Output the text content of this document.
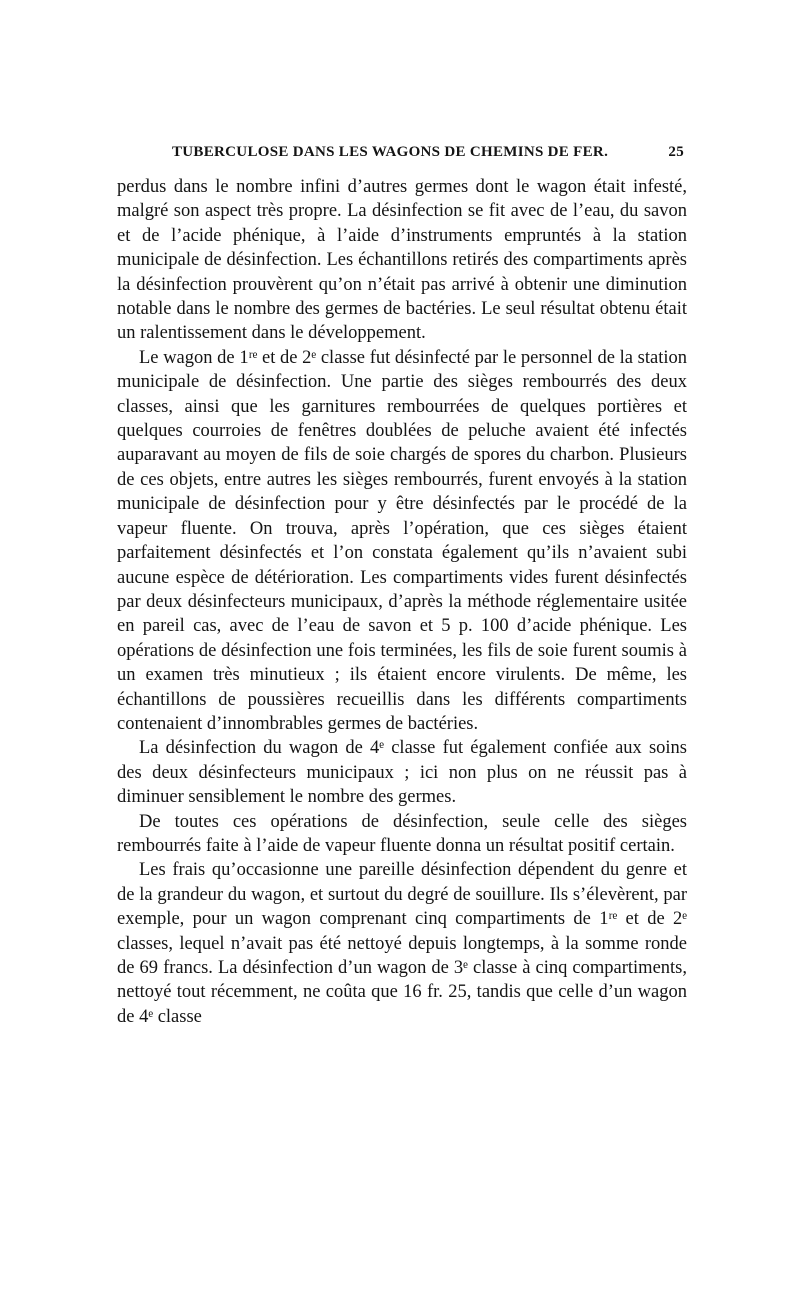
TUBERCULOSE DANS LES WAGONS DE CHEMINS DE FER.	25

perdus dans le nombre infini d’autres germes dont le wagon était infesté, malgré son aspect très propre. La désinfection se fit avec de l’eau, du savon et de l’acide phénique, à l’aide d’instruments empruntés à la station municipale de désinfection. Les échantillons retirés des compartiments après la désinfection prouvèrent qu’on n’était pas arrivé à obtenir une diminution notable dans le nombre des germes de bactéries. Le seul résultat obtenu était un ralentissement dans le développement.

Le wagon de 1ʳᵉ et de 2ᵉ classe fut désinfecté par le personnel de la station municipale de désinfection. Une partie des sièges rembourrés des deux classes, ainsi que les garnitures rembourrées de quelques portières et quelques courroies de fenêtres doublées de peluche avaient été infectés auparavant au moyen de fils de soie chargés de spores du charbon. Plusieurs de ces objets, entre autres les sièges rembourrés, furent envoyés à la station municipale de désinfection pour y être désinfectés par le procédé de la vapeur fluente. On trouva, après l’opération, que ces sièges étaient parfaitement désinfectés et l’on constata également qu’ils n’avaient subi aucune espèce de détérioration. Les compartiments vides furent désinfectés par deux désinfecteurs municipaux, d’après la méthode réglementaire usitée en pareil cas, avec de l’eau de savon et 5 p. 100 d’acide phénique. Les opérations de désinfection une fois terminées, les fils de soie furent soumis à un examen très minutieux ; ils étaient encore virulents. De même, les échantillons de poussières recueillis dans les différents compartiments contenaient d’innombrables germes de bactéries.

La désinfection du wagon de 4ᵉ classe fut également confiée aux soins des deux désinfecteurs municipaux ; ici non plus on ne réussit pas à diminuer sensiblement le nombre des germes.

De toutes ces opérations de désinfection, seule celle des sièges rembourrés faite à l’aide de vapeur fluente donna un résultat positif certain.

Les frais qu’occasionne une pareille désinfection dépendent du genre et de la grandeur du wagon, et surtout du degré de souillure. Ils s’élevèrent, par exemple, pour un wagon comprenant cinq compartiments de 1ʳᵉ et de 2ᵉ classes, lequel n’avait pas été nettoyé depuis longtemps, à la somme ronde de 69 francs. La désinfection d’un wagon de 3ᵉ classe à cinq compartiments, nettoyé tout récemment, ne coûta que 16 fr. 25, tandis que celle d’un wagon de 4ᵉ classe
